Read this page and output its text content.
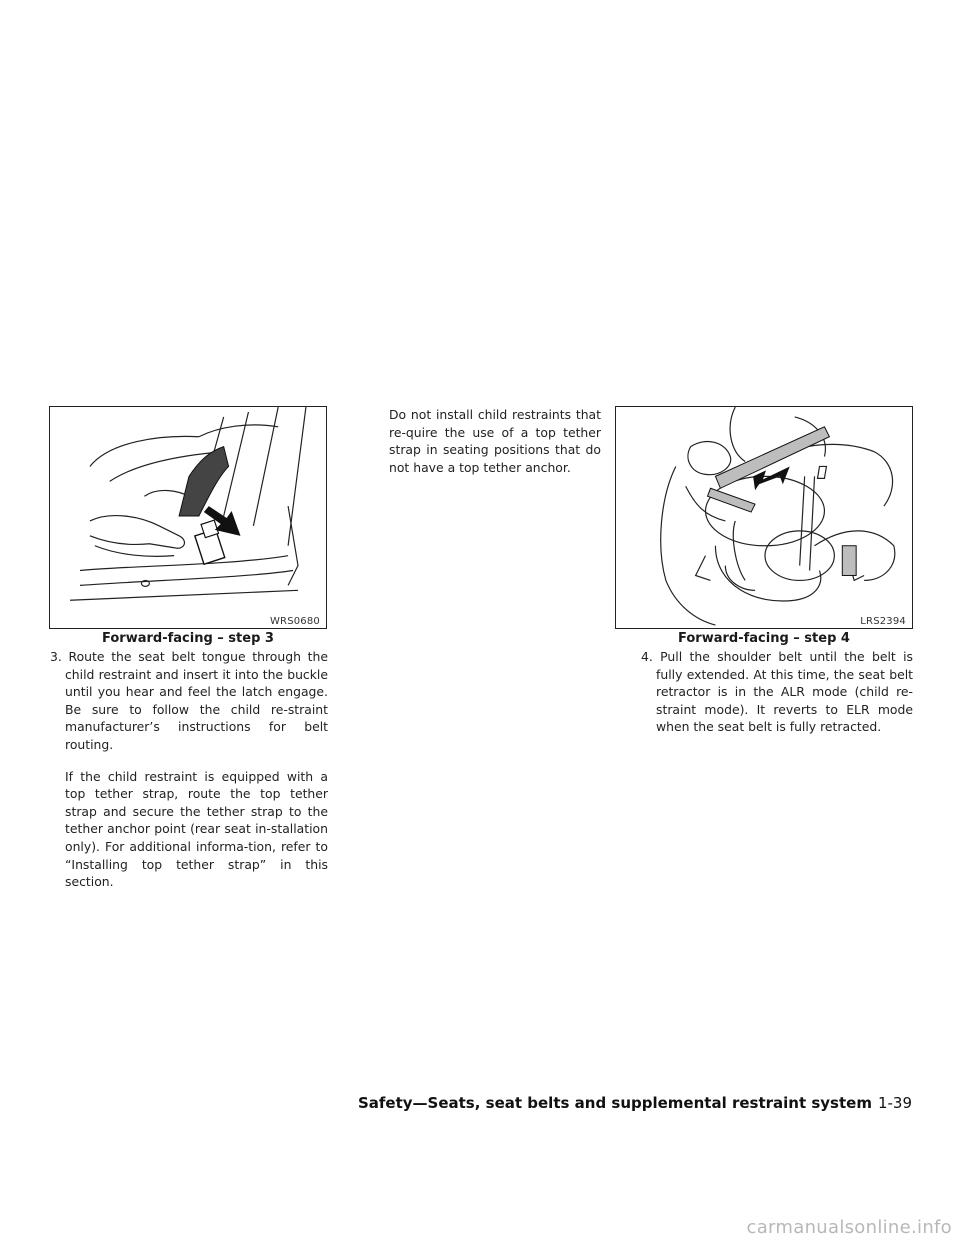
WRS0680
Forward-facing – step 3

3. Route the seat belt tongue through the child restraint and insert it into the buckle until you hear and feel the latch engage. Be sure to follow the child re-straint manufacturer’s instructions for belt routing.

If the child restraint is equipped with a top tether strap, route the top tether strap and secure the tether strap to the tether anchor point (rear seat in-stallation only). For additional informa-tion, refer to “Installing top tether strap” in this section.

Do not install child restraints that re-quire the use of a top tether strap in seating positions that do not have a top tether anchor.

LRS2394
Forward-facing – step 4

4. Pull the shoulder belt until the belt is fully extended. At this time, the seat belt retractor is in the ALR mode (child re-straint mode). It reverts to ELR mode when the seat belt is fully retracted.

Safety—Seats, seat belts and supplemental restraint system 1-39
carmanualsonline.info
